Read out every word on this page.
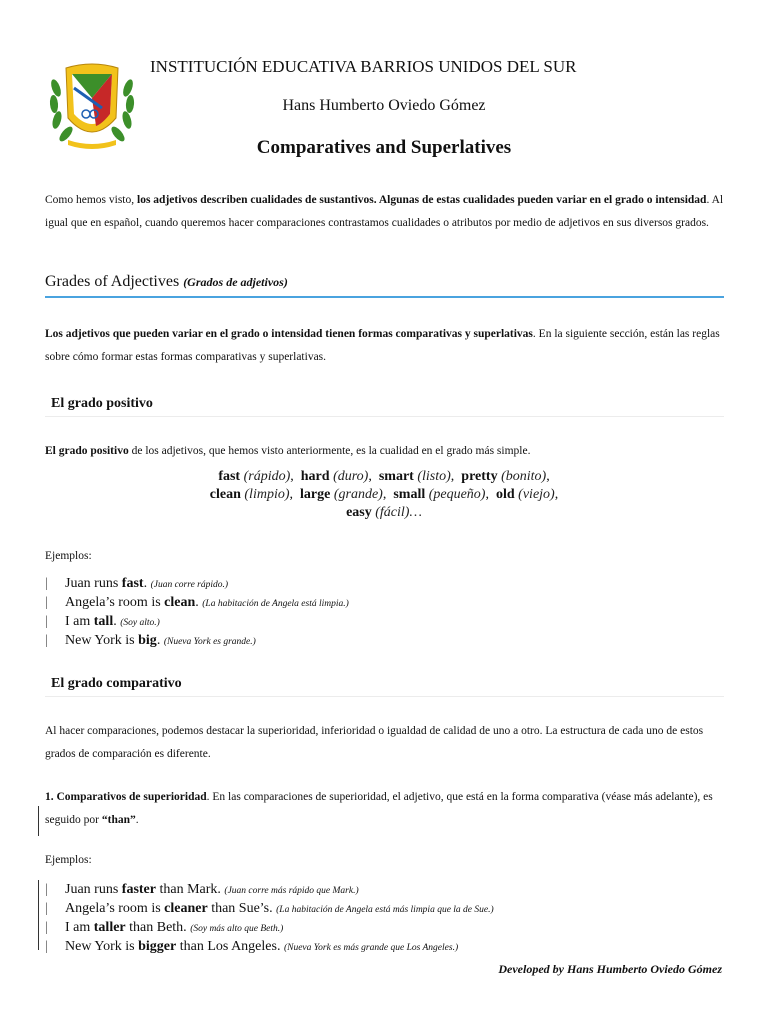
INSTITUCIÓN EDUCATIVA BARRIOS UNIDOS DEL SUR
Hans Humberto Oviedo Gómez
Comparatives and Superlatives
Como hemos visto, los adjetivos describen cualidades de sustantivos. Algunas de estas cualidades pueden variar en el grado o intensidad. Al igual que en español, cuando queremos hacer comparaciones contrastamos cualidades o atributos por medio de adjetivos en sus diversos grados.
Grades of Adjectives (Grados de adjetivos)
Los adjetivos que pueden variar en el grado o intensidad tienen formas comparativas y superlativas. En la siguiente sección, están las reglas sobre cómo formar estas formas comparativas y superlativas.
El grado positivo
El grado positivo de los adjetivos, que hemos visto anteriormente, es la cualidad en el grado más simple.
fast (rápido), hard (duro), smart (listo), pretty (bonito),
clean (limpio), large (grande), small (pequeño), old (viejo),
easy (fácil)…
Ejemplos:
| Juan runs fast. (Juan corre rápido.)
| Angela’s room is clean. (La habitación de Angela está limpia.)
| I am tall. (Soy alto.)
| New York is big. (Nueva York es grande.)
El grado comparativo
Al hacer comparaciones, podemos destacar la superioridad, inferioridad o igualdad de calidad de uno a otro. La estructura de cada uno de estos grados de comparación es diferente.
1. Comparativos de superioridad. En las comparaciones de superioridad, el adjetivo, que está en la forma comparativa (véase más adelante), es seguido por “than”.
Ejemplos:
| Juan runs faster than Mark. (Juan corre más rápido que Mark.)
| Angela’s room is cleaner than Sue’s. (La habitación de Angela está más limpia que la de Sue.)
| I am taller than Beth. (Soy más alto que Beth.)
| New York is bigger than Los Angeles. (Nueva York es más grande que Los Angeles.)
Developed by Hans Humberto Oviedo Gómez
